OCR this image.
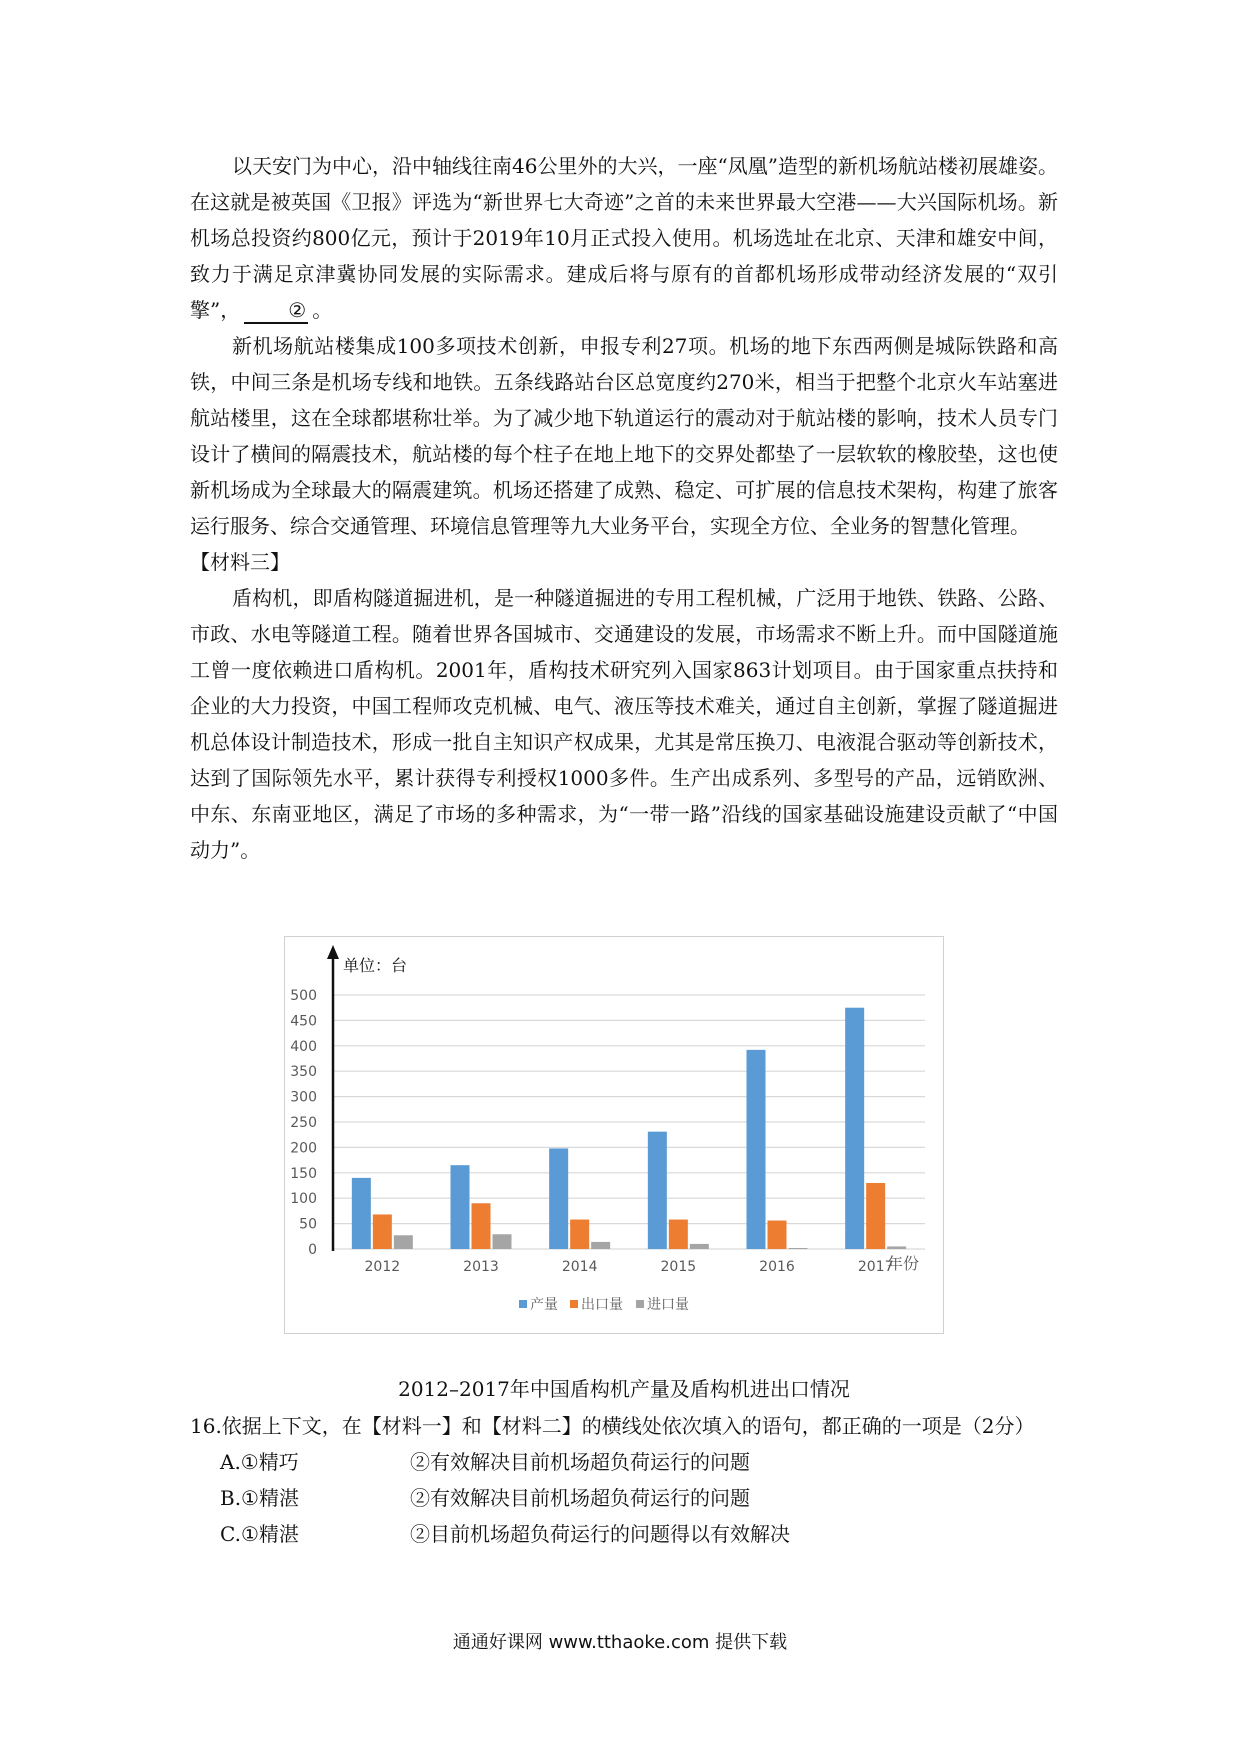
以天安门为中心，沿中轴线往南46公里外的大兴，一座“凤凰”造型的新机场航站楼初展雄姿。在这就是被英国《卫报》评选为“新世界七大奇迹”之首的未来世界最大空港——大兴国际机场。新机场总投资约800亿元，预计于2019年10月正式投入使用。机场选址在北京、天津和雄安中间，致力于满足京津冀协同发展的实际需求。建成后将与原有的首都机场形成带动经济发展的“双引擎”， ② 。

新机场航站楼集成100多项技术创新，申报专利27项。机场的地下东西两侧是城际铁路和高铁，中间三条是机场专线和地铁。五条线路站台区总宽度约270米，相当于把整个北京火车站塞进航站楼里，这在全球都堪称壮举。为了减少地下轨道运行的震动对于航站楼的影响，技术人员专门设计了横间的隔震技术，航站楼的每个柱子在地上地下的交界处都垫了一层软软的橡胶垫，这也使新机场成为全球最大的隔震建筑。机场还搭建了成熟、稳定、可扩展的信息技术架构，构建了旅客运行服务、综合交通管理、环境信息管理等九大业务平台，实现全方位、全业务的智慧化管理。

【材料三】

盾构机，即盾构隧道掘进机，是一种隧道掘进的专用工程机械，广泛用于地铁、铁路、公路、市政、水电等隧道工程。随着世界各国城市、交通建设的发展，市场需求不断上升。而中国隧道施工曾一度依赖进口盾构机。2001年，盾构技术研究列入国家863计划项目。由于国家重点扶持和企业的大力投资，中国工程师攻克机械、电气、液压等技术难关，通过自主创新，掌握了隧道掘进机总体设计制造技术，形成一批自主知识产权成果，尤其是常压换刀、电液混合驱动等创新技术，达到了国际领先水平，累计获得专利授权1000多件。生产出成系列、多型号的产品，远销欧洲、中东、东南亚地区，满足了市场的多种需求，为“一带一路”沿线的国家基础设施建设贡献了“中国动力”。

0
50
100
150
200
250
300
350
400
450
500
单位：台
2012	2013	2014	2015	2016	2017
年份
产量 出口量 进口量
2012–2017年中国盾构机产量及盾构机进出口情况

16.依据上下文，在【材料一】和【材料二】的横线处依次填入的语句，都正确的一项是（2分）

A.①精巧	②有效解决目前机场超负荷运行的问题

B.①精湛	②有效解决目前机场超负荷运行的问题

C.①精湛	②目前机场超负荷运行的问题得以有效解决

通通好课网 www.tthaoke.com 提供下载
